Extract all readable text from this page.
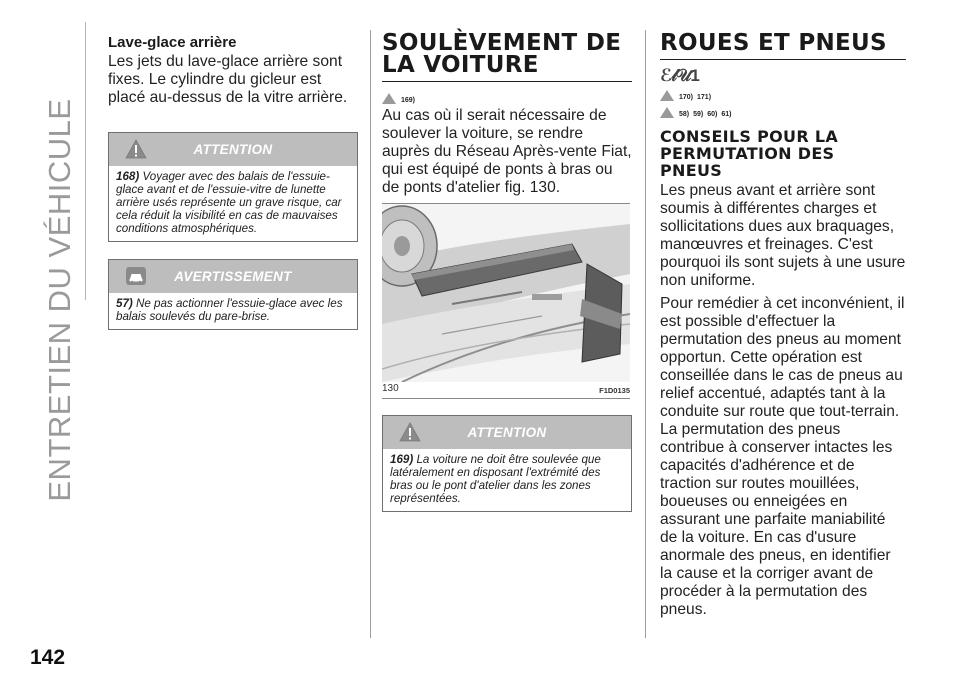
ENTRETIEN DU VÉHICULE
142
Lave-glace arrière

Les jets du lave-glace arrière sont fixes. Le cylindre du gicleur est placé au-dessus de la vitre arrière.

ATTENTION
168) Voyager avec des balais de l'essuie-glace avant et de l'essuie-vitre de lunette arrière usés représente un grave risque, car cela réduit la visibilité en cas de mauvaises conditions atmosphériques.
AVERTISSEMENT
57) Ne pas actionner l'essuie-glace avec les balais soulevés du pare-brise.
SOULÈVEMENT DE
LA VOITURE
169)

Au cas où il serait nécessaire de soulever la voiture, se rendre auprès du Réseau Après-vente Fiat, qui est équipé de ponts à bras ou de ponts d'atelier fig. 130.

130	F1D0135
ATTENTION
169) La voiture ne doit être soulevée que latéralement en disposant l'extrémité des bras ou le pont d'atelier dans les zones représentées.
ROUES ET PNEUS
ℰ𝓁𝒰1
170) 171)
58) 59) 60) 61)
CONSEILS POUR LA
PERMUTATION DES
PNEUS

Les pneus avant et arrière sont soumis à différentes charges et sollicitations dues aux braquages, manœuvres et freinages. C'est pourquoi ils sont sujets à une usure non uniforme.

Pour remédier à cet inconvénient, il est possible d'effectuer la permutation des pneus au moment opportun. Cette opération est conseillée dans le cas de pneus au relief accentué, adaptés tant à la conduite sur route que tout-terrain. La permutation des pneus contribue à conserver intactes les capacités d'adhérence et de traction sur routes mouillées, boueuses ou enneigées en assurant une parfaite maniabilité de la voiture. En cas d'usure anormale des pneus, en identifier la cause et la corriger avant de procéder à la permutation des pneus.
